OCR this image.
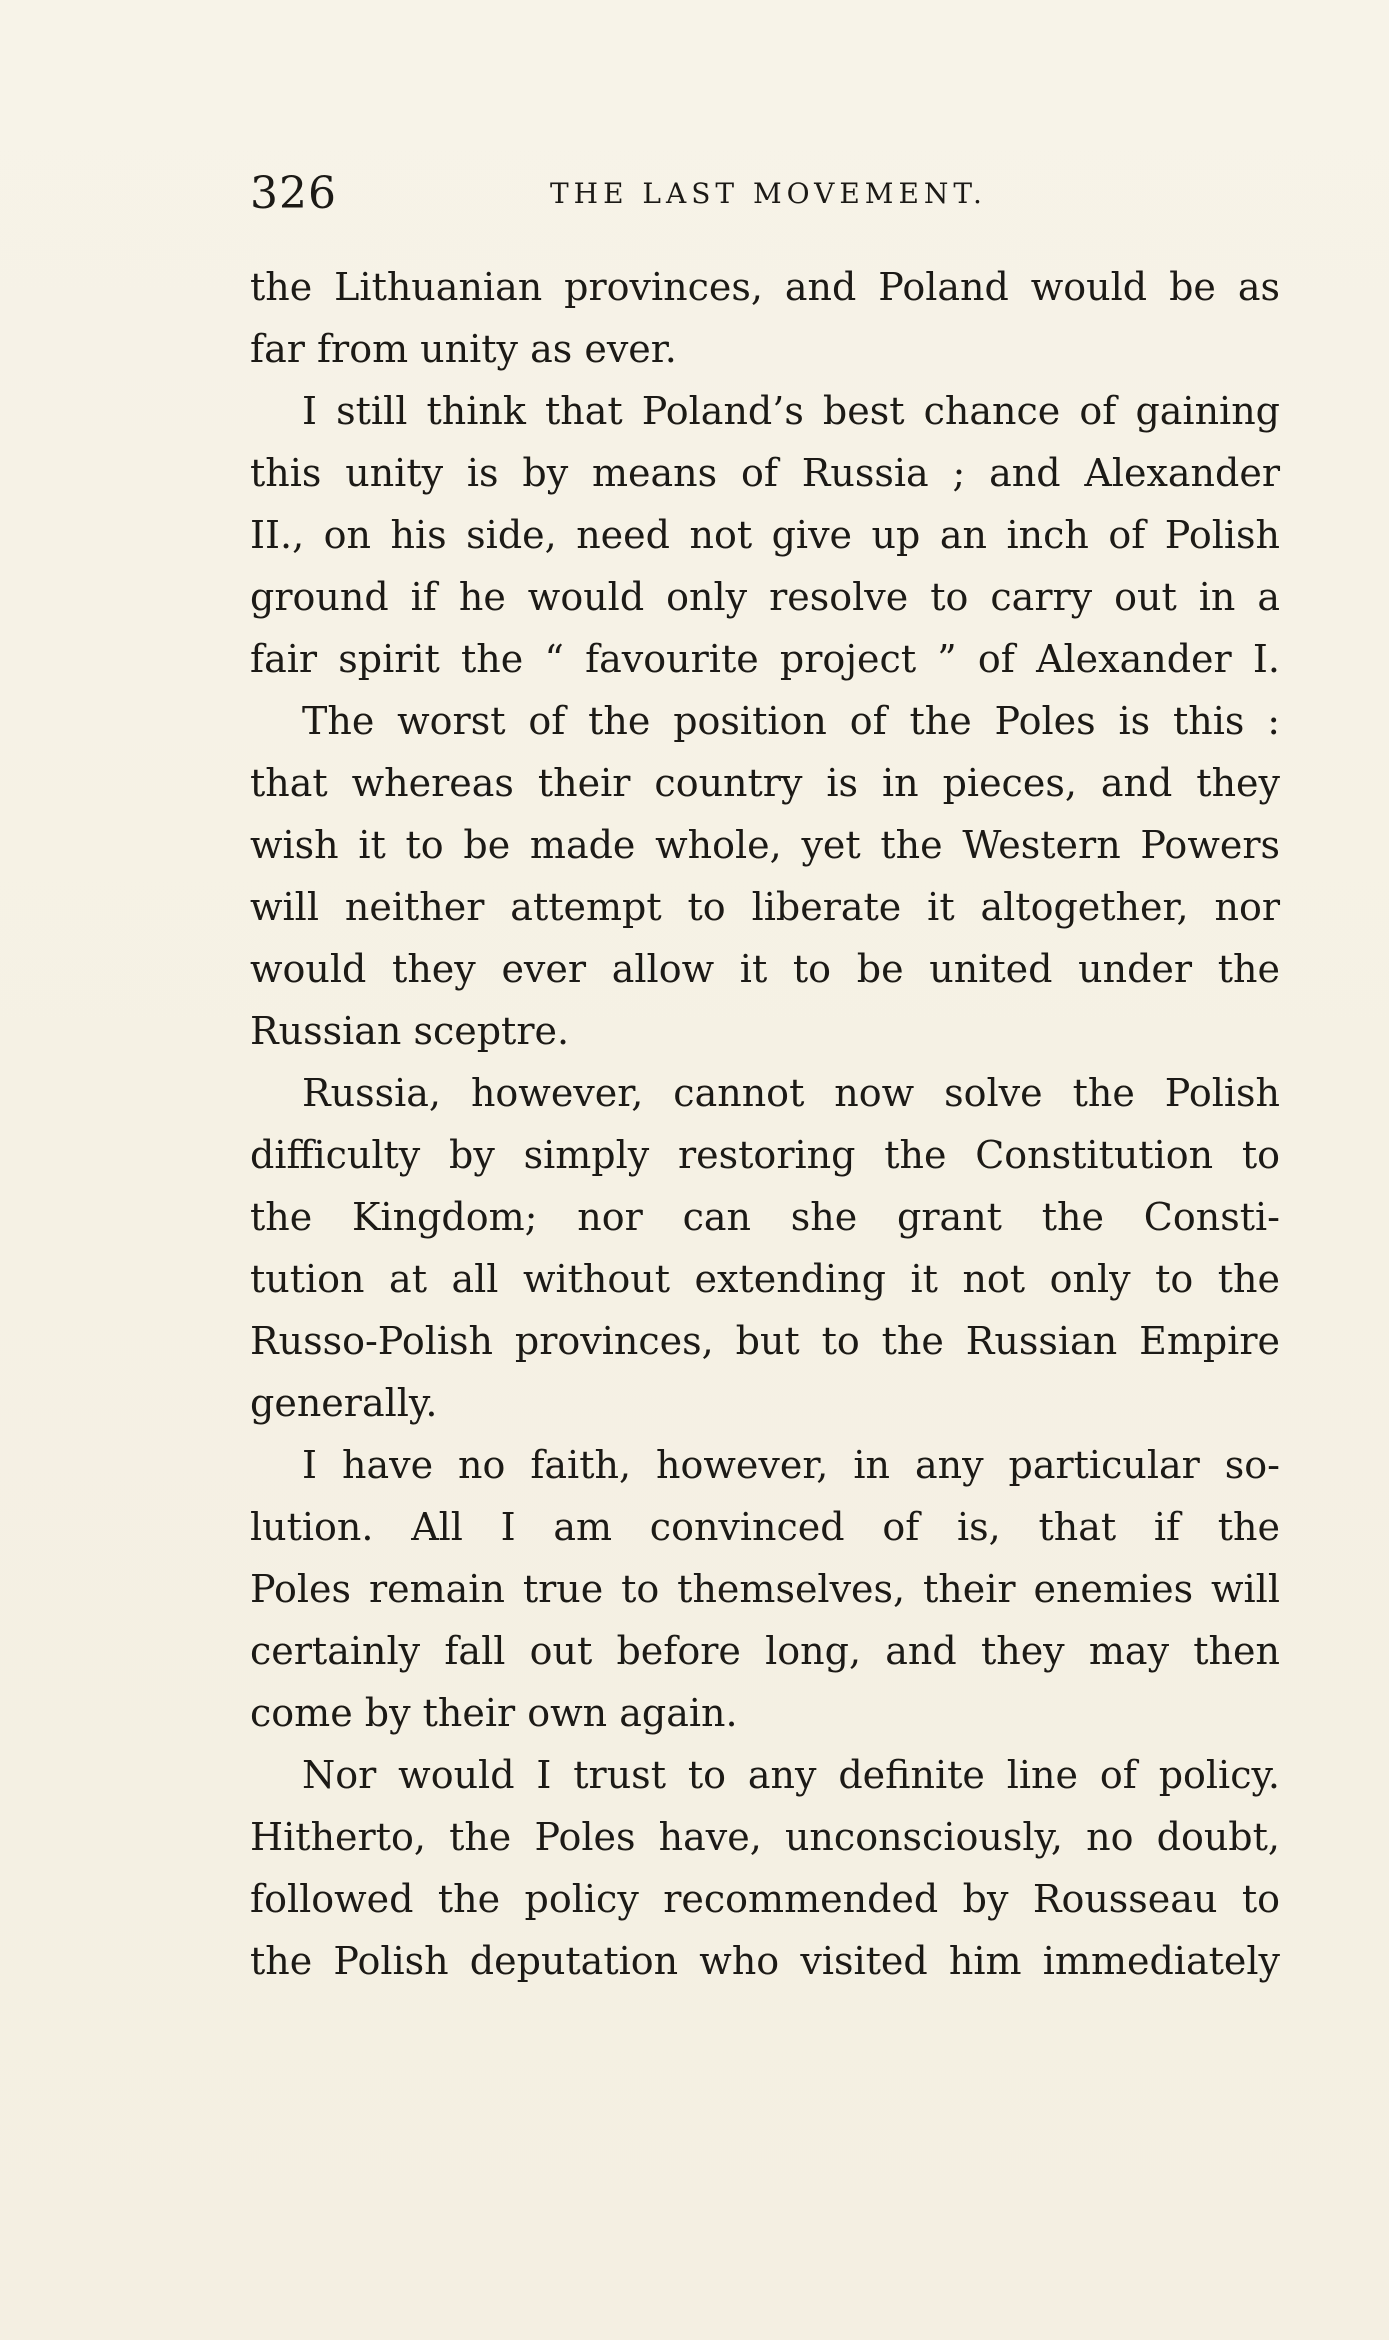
326	THE LAST MOVEMENT.
the Lithuanian provinces, and Poland would be as
far from unity as ever.
I still think that Poland’s best chance of gaining
this unity is by means of Russia ; and Alexander
II., on his side, need not give up an inch of Polish
ground if he would only resolve to carry out in a
fair spirit the “ favourite project ” of Alexander I.
The worst of the position of the Poles is this :
that whereas their country is in pieces, and they
wish it to be made whole, yet the Western Powers
will neither attempt to liberate it altogether, nor
would they ever allow it to be united under the
Russian sceptre.
Russia, however, cannot now solve the Polish
difficulty by simply restoring the Constitution to
the Kingdom; nor can she grant the Consti-
tution at all without extending it not only to the
Russo-Polish provinces, but to the Russian Empire
generally.
I have no faith, however, in any particular so-
lution. All I am convinced of is, that if the
Poles remain true to themselves, their enemies will
certainly fall out before long, and they may then
come by their own again.
Nor would I trust to any definite line of policy.
Hitherto, the Poles have, unconsciously, no doubt,
followed the policy recommended by Rousseau to
the Polish deputation who visited him immediately
